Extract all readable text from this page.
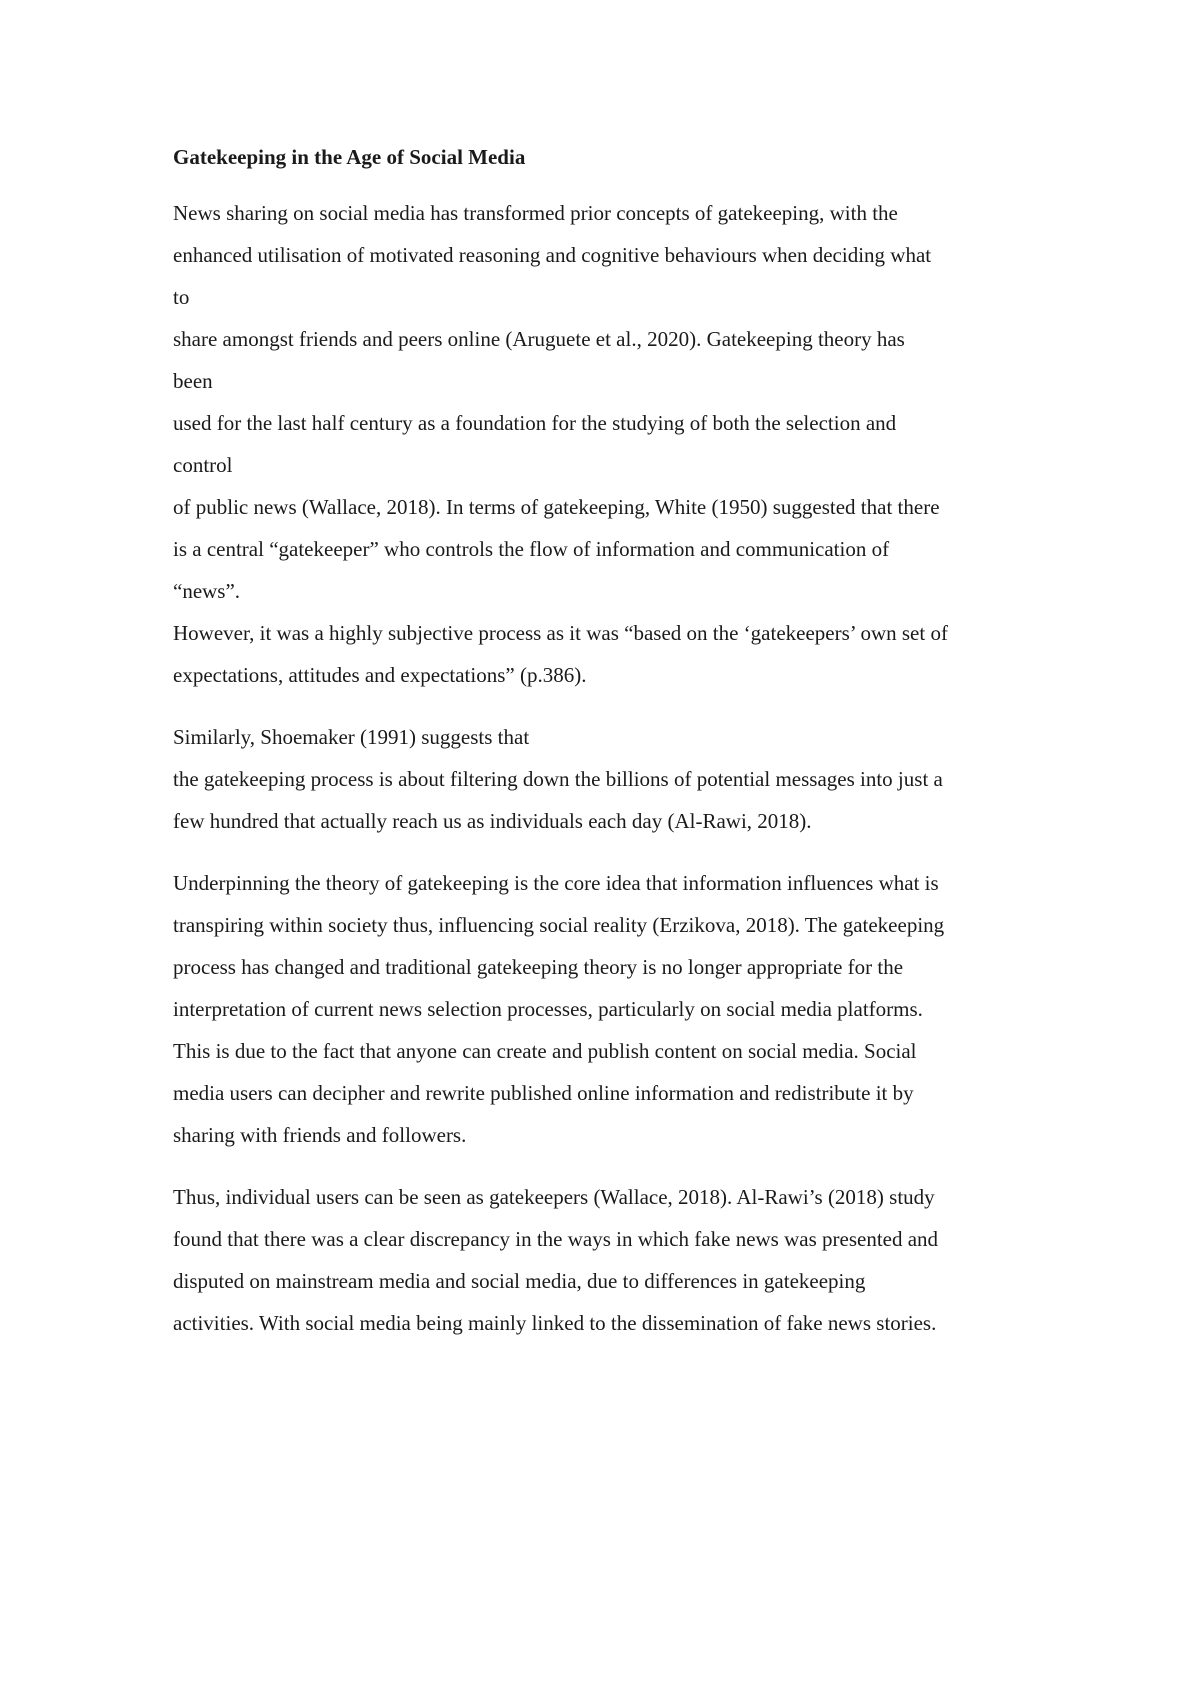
Gatekeeping in the Age of Social Media
News sharing on social media has transformed prior concepts of gatekeeping, with the
enhanced utilisation of motivated reasoning and cognitive behaviours when deciding what
to
share amongst friends and peers online (Aruguete et al., 2020). Gatekeeping theory has
been
used for the last half century as a foundation for the studying of both the selection and
control
of public news (Wallace, 2018). In terms of gatekeeping, White (1950) suggested that there
is a central “gatekeeper” who controls the flow of information and communication of
“news”.
However, it was a highly subjective process as it was “based on the ‘gatekeepers’ own set of
expectations, attitudes and expectations” (p.386).
Similarly, Shoemaker (1991) suggests that
the gatekeeping process is about filtering down the billions of potential messages into just a
few hundred that actually reach us as individuals each day (Al-Rawi, 2018).
Underpinning the theory of gatekeeping is the core idea that information influences what is
transpiring within society thus, influencing social reality (Erzikova, 2018). The gatekeeping
process has changed and traditional gatekeeping theory is no longer appropriate for the
interpretation of current news selection processes, particularly on social media platforms.
This is due to the fact that anyone can create and publish content on social media. Social
media users can decipher and rewrite published online information and redistribute it by
sharing with friends and followers.
Thus, individual users can be seen as gatekeepers (Wallace, 2018). Al-Rawi’s (2018) study
found that there was a clear discrepancy in the ways in which fake news was presented and
disputed on mainstream media and social media, due to differences in gatekeeping
activities. With social media being mainly linked to the dissemination of fake news stories.
